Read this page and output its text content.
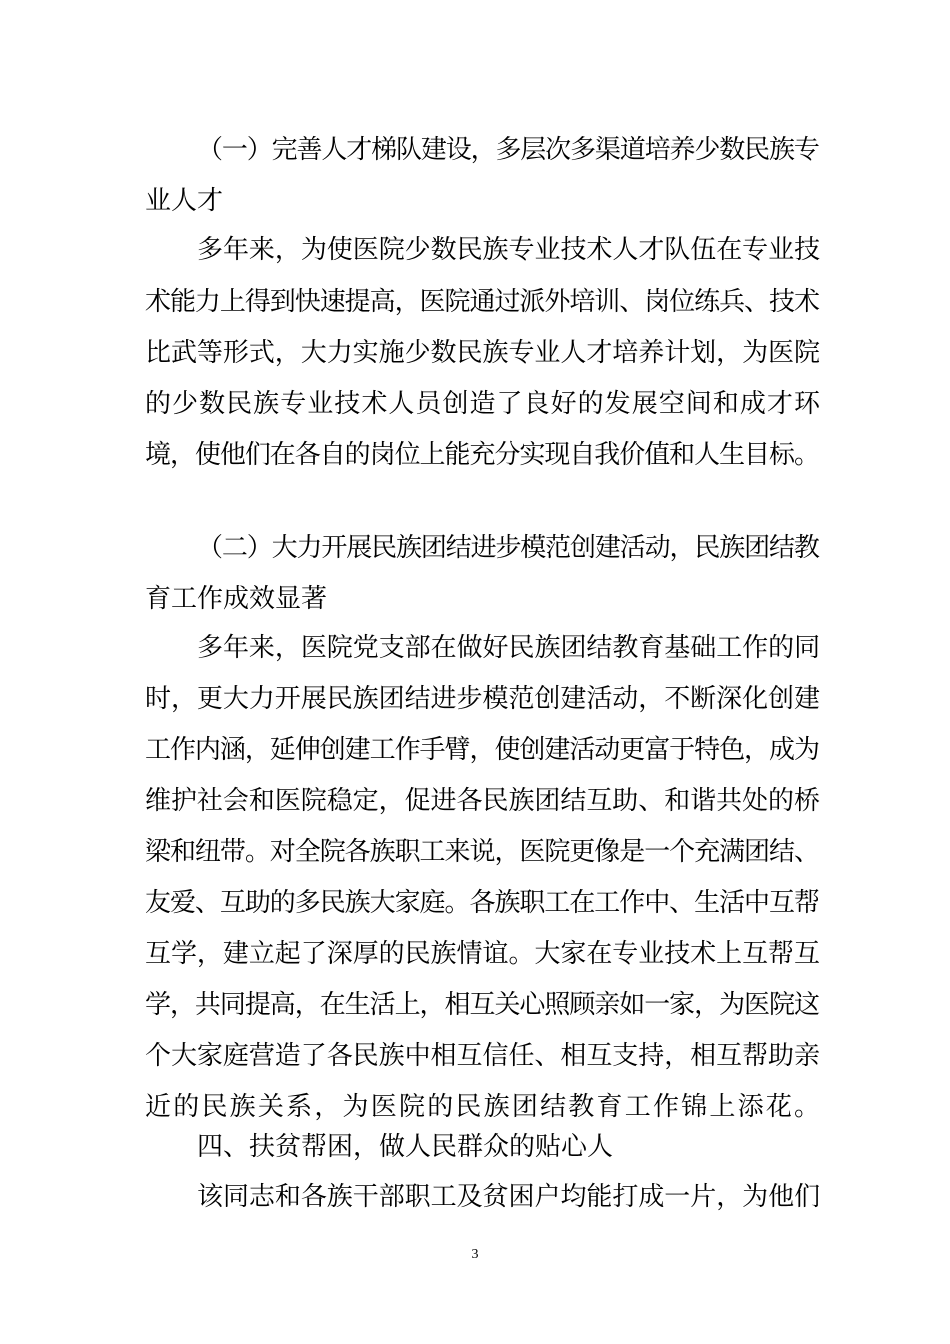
（一）完善人才梯队建设，多层次多渠道培养少数民族专
业人才
多年来，为使医院少数民族专业技术人才队伍在专业技
术能力上得到快速提高，医院通过派外培训、岗位练兵、技术
比武等形式，大力实施少数民族专业人才培养计划，为医院
的少数民族专业技术人员创造了良好的发展空间和成才环
境，使他们在各自的岗位上能充分实现自我价值和人生目标。
（二）大力开展民族团结进步模范创建活动，民族团结教
育工作成效显著
多年来，医院党支部在做好民族团结教育基础工作的同
时，更大力开展民族团结进步模范创建活动，不断深化创建
工作内涵，延伸创建工作手臂，使创建活动更富于特色，成为
维护社会和医院稳定，促进各民族团结互助、和谐共处的桥
梁和纽带。对全院各族职工来说，医院更像是一个充满团结、
友爱、互助的多民族大家庭。各族职工在工作中、生活中互帮
互学，建立起了深厚的民族情谊。大家在专业技术上互帮互
学，共同提高，在生活上，相互关心照顾亲如一家，为医院这
个大家庭营造了各民族中相互信任、相互支持，相互帮助亲
近的民族关系，为医院的民族团结教育工作锦上添花。
四、扶贫帮困，做人民群众的贴心人
该同志和各族干部职工及贫困户均能打成一片，为他们
3
